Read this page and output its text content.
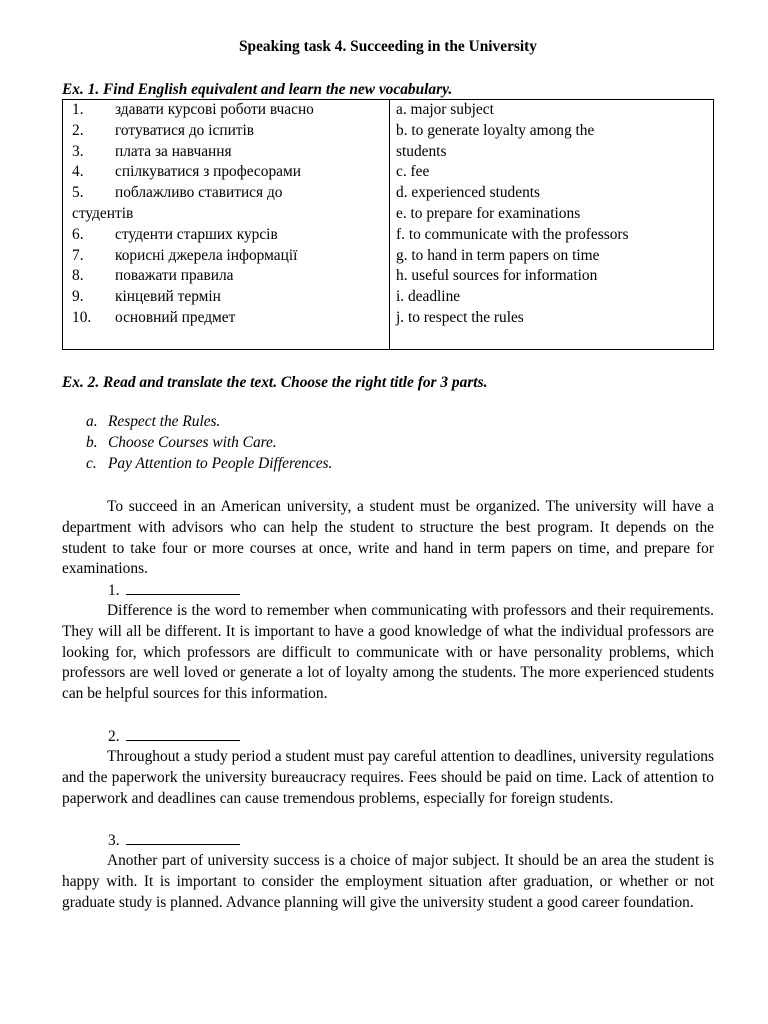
Speaking task 4. Succeeding in the University
Ex. 1. Find English equivalent and learn the new vocabulary.
1. здавати курсові роботи вчасно
2. готуватися до іспитів
3. плата за навчання
4. спілкуватися з професорами
5. поблажливо ставитися до
студентів
6. студенти старших курсів
7. корисні джерела інформації
8. поважати правила
9. кінцевий термін
10. основний предмет
a. major subject
b. to generate loyalty among the
students
c. fee
d. experienced students
e. to prepare for examinations
f. to communicate with the professors
g. to hand in term papers on time
h. useful sources for information
i. deadline
j. to respect the rules
Ex. 2. Read and translate the text. Choose the right title for 3 parts.
a. Respect the Rules.
b. Choose Courses with Care.
c. Pay Attention to People Differences.

To succeed in an American university, a student must be organized. The university will have a department with advisors who can help the student to structure the best program. It depends on the student to take four or more courses at once, write and hand in term papers on time, and prepare for examinations.

1.

Difference is the word to remember when communicating with professors and their requirements. They will all be different. It is important to have a good knowledge of what the individual professors are looking for, which professors are difficult to communicate with or have personality problems, which professors are well loved or generate a lot of loyalty among the students. The more experienced students can be helpful sources for this information.

2.

Throughout a study period a student must pay careful attention to deadlines, university regulations and the paperwork the university bureaucracy requires. Fees should be paid on time. Lack of attention to paperwork and deadlines can cause tremendous problems, especially for foreign students.

3.

Another part of university success is a choice of major subject. It should be an area the student is happy with. It is important to consider the employment situation after graduation, or whether or not graduate study is planned. Advance planning will give the university student a good career foundation.
